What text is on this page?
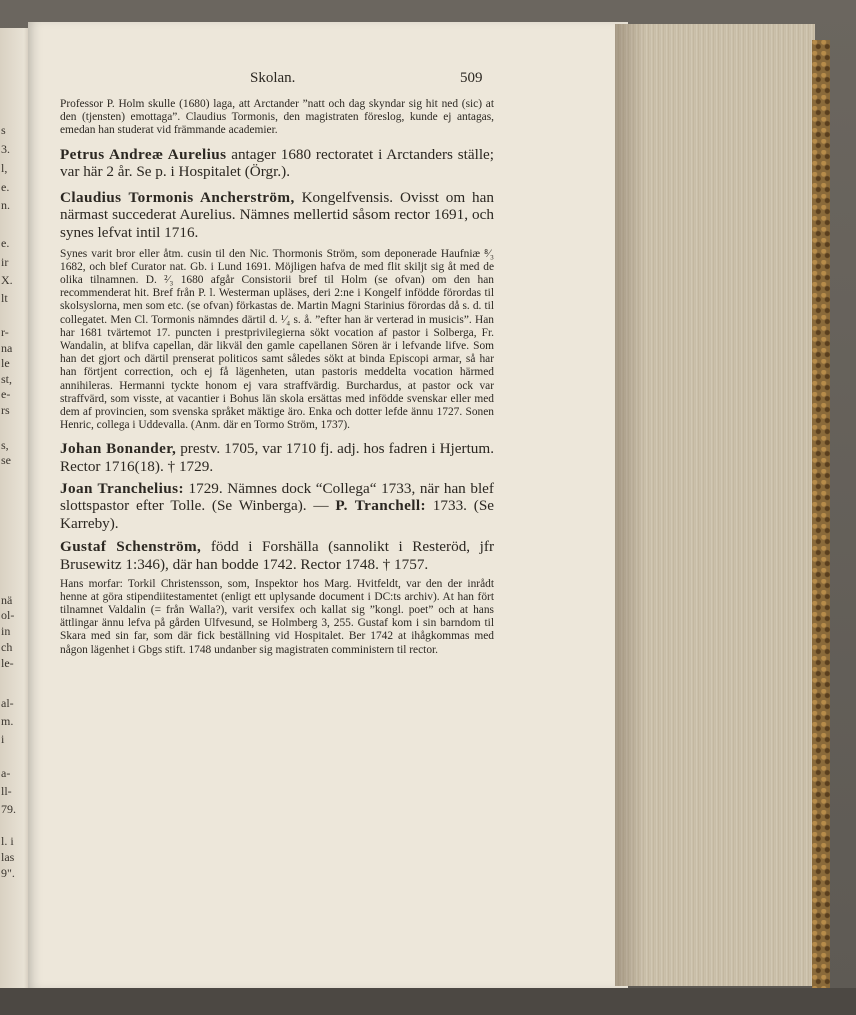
s
3.
l,
e.
n.
e.
ir
X.
lt
r-
na
le
st,
e-
rs
s,
se
nä
ol-
in
ch
le-
al-
m.
i
a-
ll-
79.
l. i
las
9".
Skolan.	509

Professor P. Holm skulle (1680) laga, att Arctander ”natt och dag skyndar sig hit ned (sic) at den (tjensten) emottaga”. Claudius Tormonis, den magistraten föreslog, kunde ej antagas, emedan han studerat vid främmande academier.

Petrus Andreæ Aurelius antager 1680 rectoratet i Arctanders ställe; var här 2 år. Se p. i Hospitalet (Örgr.).

Claudius Tormonis Ancherström, Kongelfvensis. Ovisst om han närmast succederat Aurelius. Nämnes mellertid såsom rector 1691, och synes lefvat intil 1716.

Synes varit bror eller åtm. cusin til den Nic. Thormonis Ström, som deponerade Haufniæ ⁸⁄₃ 1682, och blef Curator nat. Gb. i Lund 1691. Möjligen hafva de med flit skiljt sig åt med de olika tilnamnen. D. ²⁄₃ 1680 afgår Consistorii bref til Holm (se ofvan) om den han recommenderat hit. Bref från P. l. Westerman upläses, deri 2:ne i Kongelf infödde förordas til skolsyslorna, men som etc. (se ofvan) förkastas de. Martin Magni Starinius förordas då s. d. til collegatet. Men Cl. Tormonis nämndes därtil d. ¹⁄₄ s. å. ”efter han är verterad in musicis”. Han har 1681 tvärtemot 17. puncten i prestprivilegierna sökt vocation af pastor i Solberga, Fr. Wandalin, at blifva capellan, där likväl den gamle capellanen Sören är i lefvande lifve. Som han det gjort och därtil prenserat politicos samt således sökt at binda Episcopi armar, så har han förtjent correction, och ej få lägenheten, utan pastoris meddelta vocation härmed annihileras. Hermanni tyckte honom ej vara straffvärdig. Burchardus, at pastor ock var straffvärd, som visste, at vacantier i Bohus län skola ersättas med infödde svenskar eller med dem af provincien, som svenska språket mäktige äro. Enka och dotter lefde ännu 1727. Sonen Henric, collega i Uddevalla. (Anm. där en Tormo Ström, 1737).

Johan Bonander, prestv. 1705, var 1710 fj. adj. hos fadren i Hjertum. Rector 1716(18). † 1729.

Joan Tranchelius: 1729. Nämnes dock “Collega“ 1733, när han blef slottspastor efter Tolle. (Se Winberga). — P. Tranchell: 1733. (Se Karreby).

Gustaf Schenström, född i Forshälla (sannolikt i Resteröd, jfr Brusewitz 1:346), där han bodde 1742. Rector 1748. † 1757.

Hans morfar: Torkil Christensson, som, Inspektor hos Marg. Hvitfeldt, var den der inrådt henne at göra stipendiitestamentet (enligt ett uplysande document i DC:ts archiv). At han fört tilnamnet Valdalin (= från Walla?), varit versifex och kallat sig ”kongl. poet” och at hans ättlingar ännu lefva på gården Ulfvesund, se Holmberg 3, 255. Gustaf kom i sin barndom til Skara med sin far, som där fick beställning vid Hospitalet. Ber 1742 at ihågkommas med någon lägenhet i Gbgs stift. 1748 undanber sig magistraten comministern til rector.
